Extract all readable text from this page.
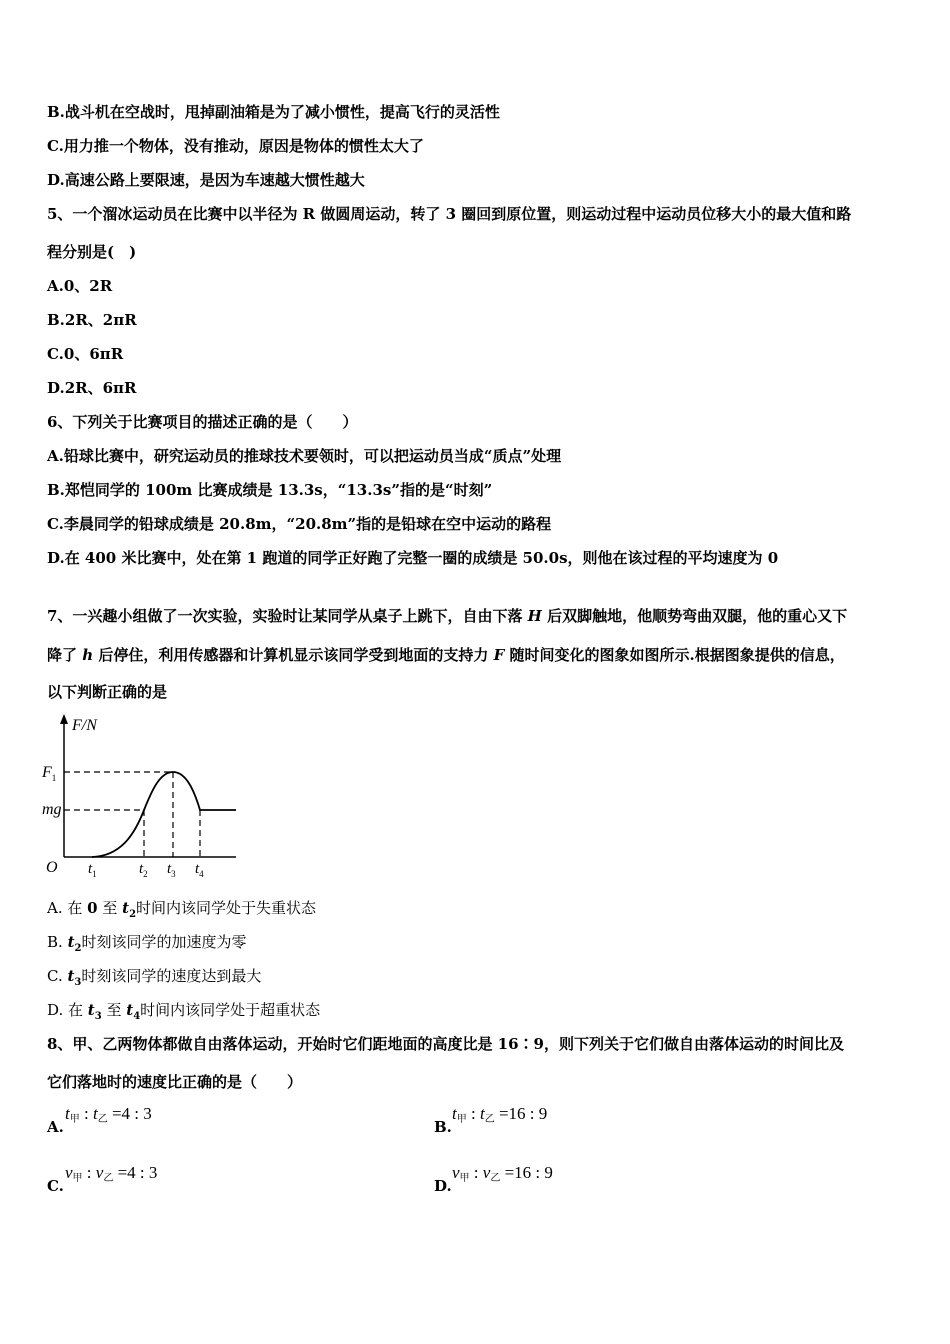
B.战斗机在空战时，甩掉副油箱是为了减小惯性，提高飞行的灵活性
C.用力推一个物体，没有推动，原因是物体的惯性太大了
D.高速公路上要限速，是因为车速越大惯性越大
5、一个溜冰运动员在比赛中以半径为 R 做圆周运动，转了 3 圈回到原位置，则运动过程中运动员位移大小的最大值和路
程分别是(　)
A.0、2R
B.2R、2πR
C.0、6πR
D.2R、6πR
6、下列关于比赛项目的描述正确的是（　　）
A.铅球比赛中，研究运动员的推球技术要领时，可以把运动员当成“质点”处理
B.郑恺同学的 100m 比赛成绩是 13.3s，“13.3s”指的是“时刻”
C.李晨同学的铅球成绩是 20.8m，“20.8m”指的是铅球在空中运动的路程
D.在 400 米比赛中，处在第 1 跑道的同学正好跑了完整一圈的成绩是 50.0s，则他在该过程的平均速度为 0
7、一兴趣小组做了一次实验，实验时让某同学从桌子上跳下，自由下落 H 后双脚触地，他顺势弯曲双腿，他的重心又下
降了 h 后停住，利用传感器和计算机显示该同学受到地面的支持力 F 随时间变化的图象如图所示.根据图象提供的信息，
以下判断正确的是
F/N
$F_1$
mg
O $t_1$	$t_2$ $t_3$ $t_4$
A. 在 0 至 $t_2$时间内该同学处于失重状态
B. $t_2$时刻该同学的加速度为零
C. $t_3$时刻该同学的速度达到最大
D. 在 $t_3$ 至 $t_4$时间内该同学处于超重状态
8、甲、乙两物体都做自由落体运动，开始时它们距地面的高度比是 16∶9，则下列关于它们做自由落体运动的时间比及
它们落地时的速度比正确的是（　　）
A.
$t_甲$ : $t_乙 =4$ : 3
B.
$t_甲$ : $t_乙 =16$ : 9
C.
$v_甲$ : $v_乙 =4$ : 3
D.
$v_甲$ : $v_乙 =16$ : 9
